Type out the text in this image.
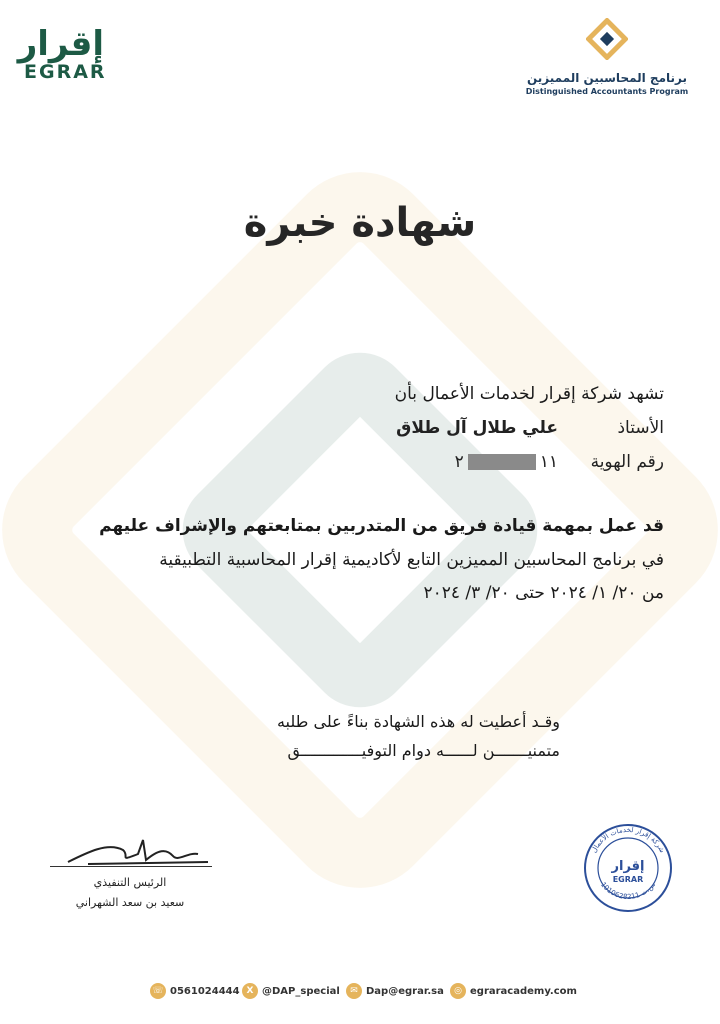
إقرار
EGRAR	برنامج المحاسبين المميزين
Distinguished Accountants Program
شهادة خبرة
تشهد شركة إقرار لخدمات الأعمال بأن
الأستاذ
علي طلال آل طلاق
رقم الهوية
١١٢
قد عمل بمهمة قيادة فريق من المتدربين بمتابعتهم والإشراف عليهم
في برنامج المحاسبين المميزين التابع لأكاديمية إقرار المحاسبية التطبيقية
من ٢٠/ ١/ ٢٠٢٤ حتى ٢٠/ ٣/ ٢٠٢٤
وقـد أعطيت له هذه الشهادة بناءً على طلبه
متمنيـــــــن لــــــه دوام التوفيـــــــــــــق
الرئيس التنفيذي
سعيد بن سعد الشهراني
شركة إقرار لخدمات الأعمال
س.ت 1010628211
إقرار
EGRAR
☏ 0561024444 X @DAP_special	✉ Dap@egrar.sa	◎ egraracademy.com
